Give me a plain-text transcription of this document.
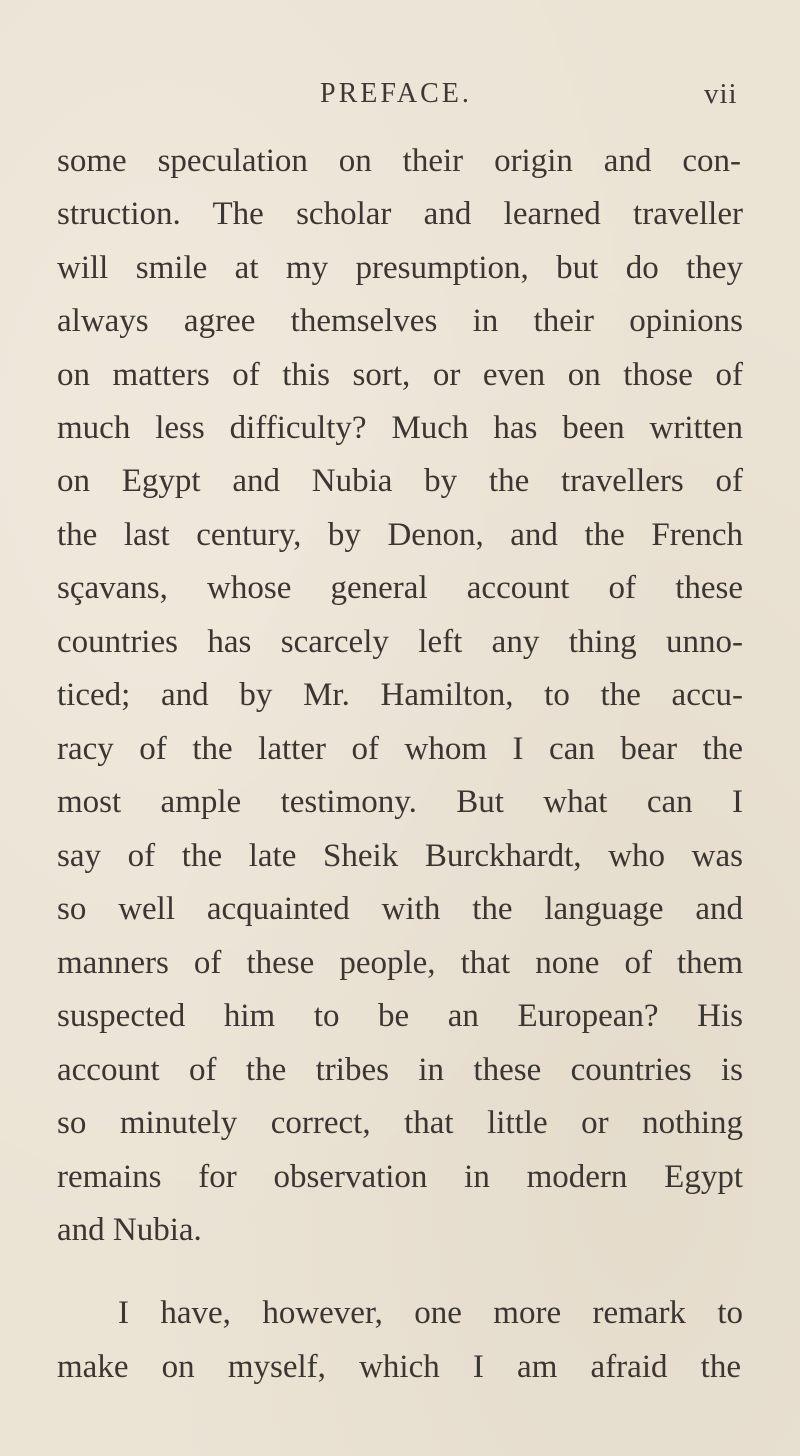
PREFACE.	vii
some speculation on their origin and con-
struction. The scholar and learned traveller
will smile at my presumption, but do they
always agree themselves in their opinions
on matters of this sort, or even on those of
much less difficulty? Much has been written
on Egypt and Nubia by the travellers of
the last century, by Denon, and the French
sçavans, whose general account of these
countries has scarcely left any thing unno-
ticed; and by Mr. Hamilton, to the accu-
racy of the latter of whom I can bear the
most ample testimony. But what can I
say of the late Sheik Burckhardt, who was
so well acquainted with the language and
manners of these people, that none of them
suspected him to be an European? His
account of the tribes in these countries is
so minutely correct, that little or nothing
remains for observation in modern Egypt
and Nubia.
I have, however, one more remark to
make on myself, which I am afraid the
